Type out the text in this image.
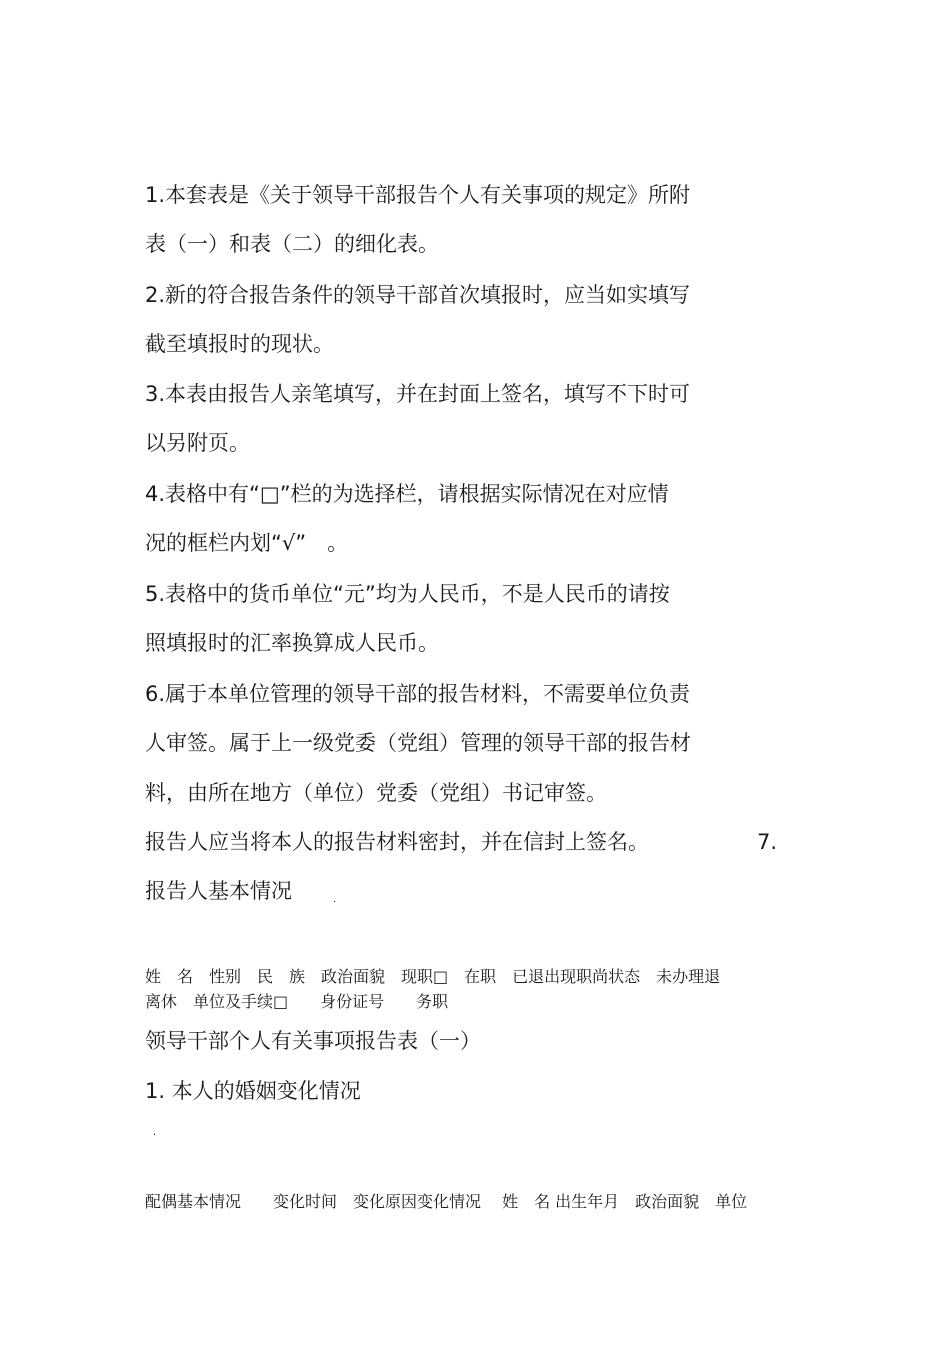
1.本套表是《关于领导干部报告个人有关事项的规定》所附
表（一）和表（二）的细化表。
2.新的符合报告条件的领导干部首次填报时，应当如实填写
截至填报时的现状。
3.本表由报告人亲笔填写，并在封面上签名，填写不下时可
以另附页。
4.表格中有“□”栏的为选择栏，请根据实际情况在对应情
况的框栏内划“√”　。
5.表格中的货币单位“元”均为人民币，不是人民币的请按
照填报时的汇率换算成人民币。
6.属于本单位管理的领导干部的报告材料，不需要单位负责
人审签。属于上一级党委（党组）管理的领导干部的报告材
料，由所在地方（单位）党委（党组）书记审签。
报告人应当将本人的报告材料密封，并在信封上签名。	7.
报告人基本情况	.
姓　名　性别　民　族　政治面貌　现职□　在职　已退出现职尚状态　未办理退
离休　单位及手续□　　身份证号　　务职
领导干部个人有关事项报告表（一）
1. 本人的婚姻变化情况
.
配偶基本情况　　变化时间　变化原因变化情况　 姓　名 出生年月　政治面貌　单位
